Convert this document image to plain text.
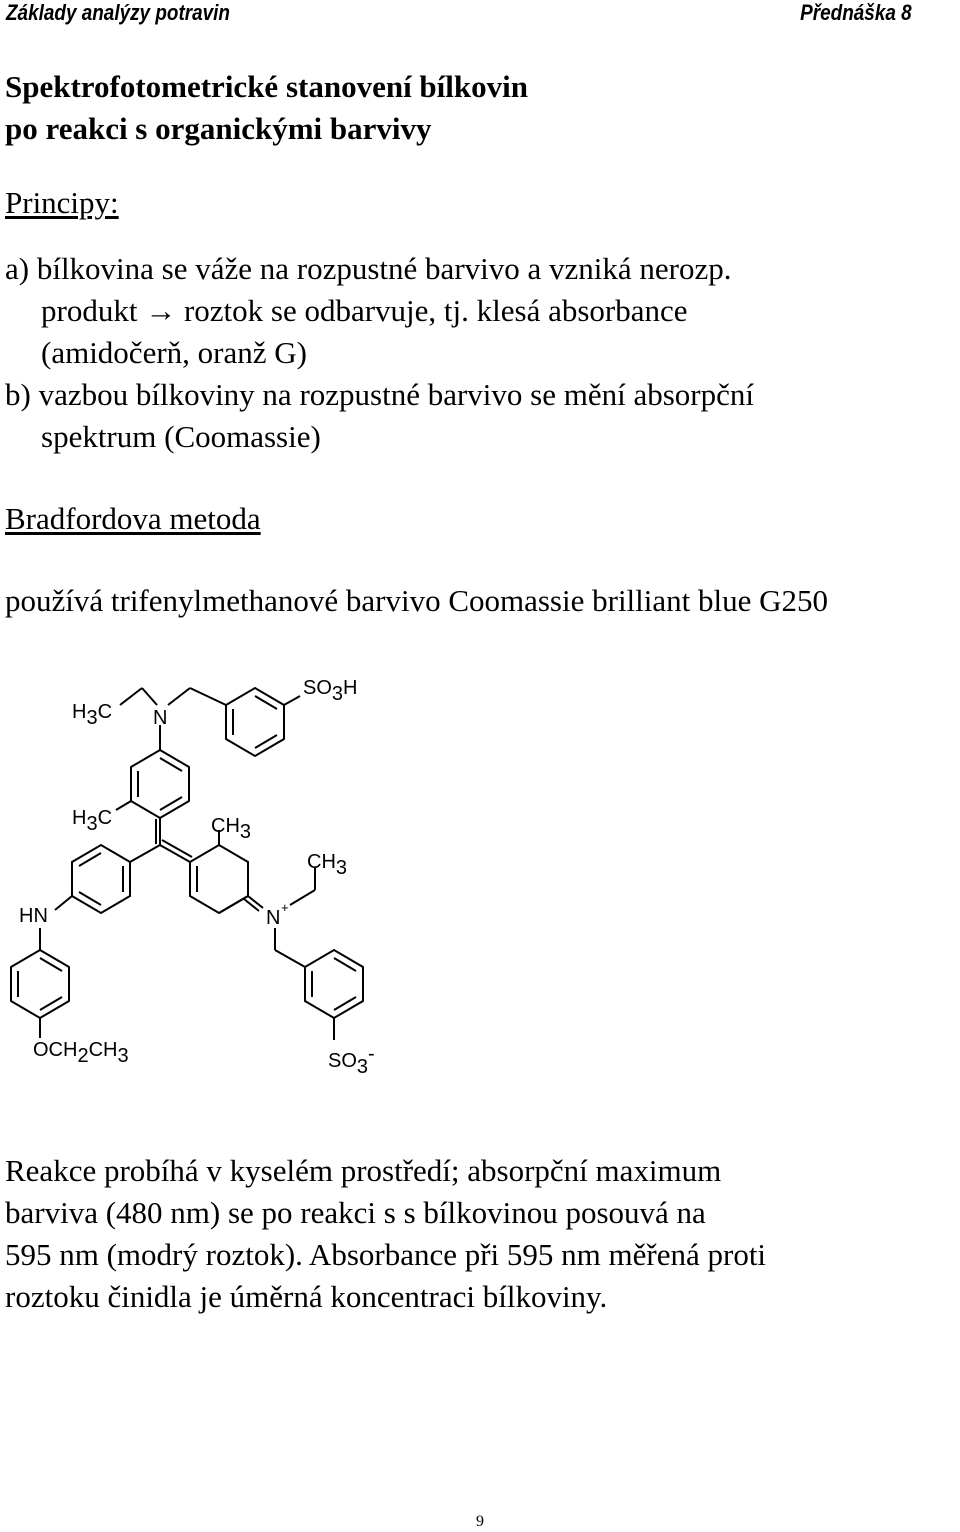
Základy analýzy potravin	Přednáška 8
Spektrofotometrické stanovení bílkovin
po reakci s organickými barvivy
Principy:
a) bílkovina se váže na rozpustné barvivo a vzniká nerozp.
produkt → roztok se odbarvuje, tj. klesá absorbance
(amidočerň, oranž G)
b) vazbou bílkoviny na rozpustné barvivo se mění absorpční
spektrum (Coomassie)
Bradfordova metoda
používá trifenylmethanové barvivo Coomassie brilliant blue G250
H3C N
SO3H
H3C	CH3
CH3
HN	N +
OCH2CH3	SO3-
Reakce probíhá v kyselém prostředí; absorpční maximum
barviva (480 nm) se po reakci s s bílkovinou posouvá na
595 nm (modrý roztok). Absorbance při 595 nm měřená proti
roztoku činidla je úměrná koncentraci bílkoviny.
9
